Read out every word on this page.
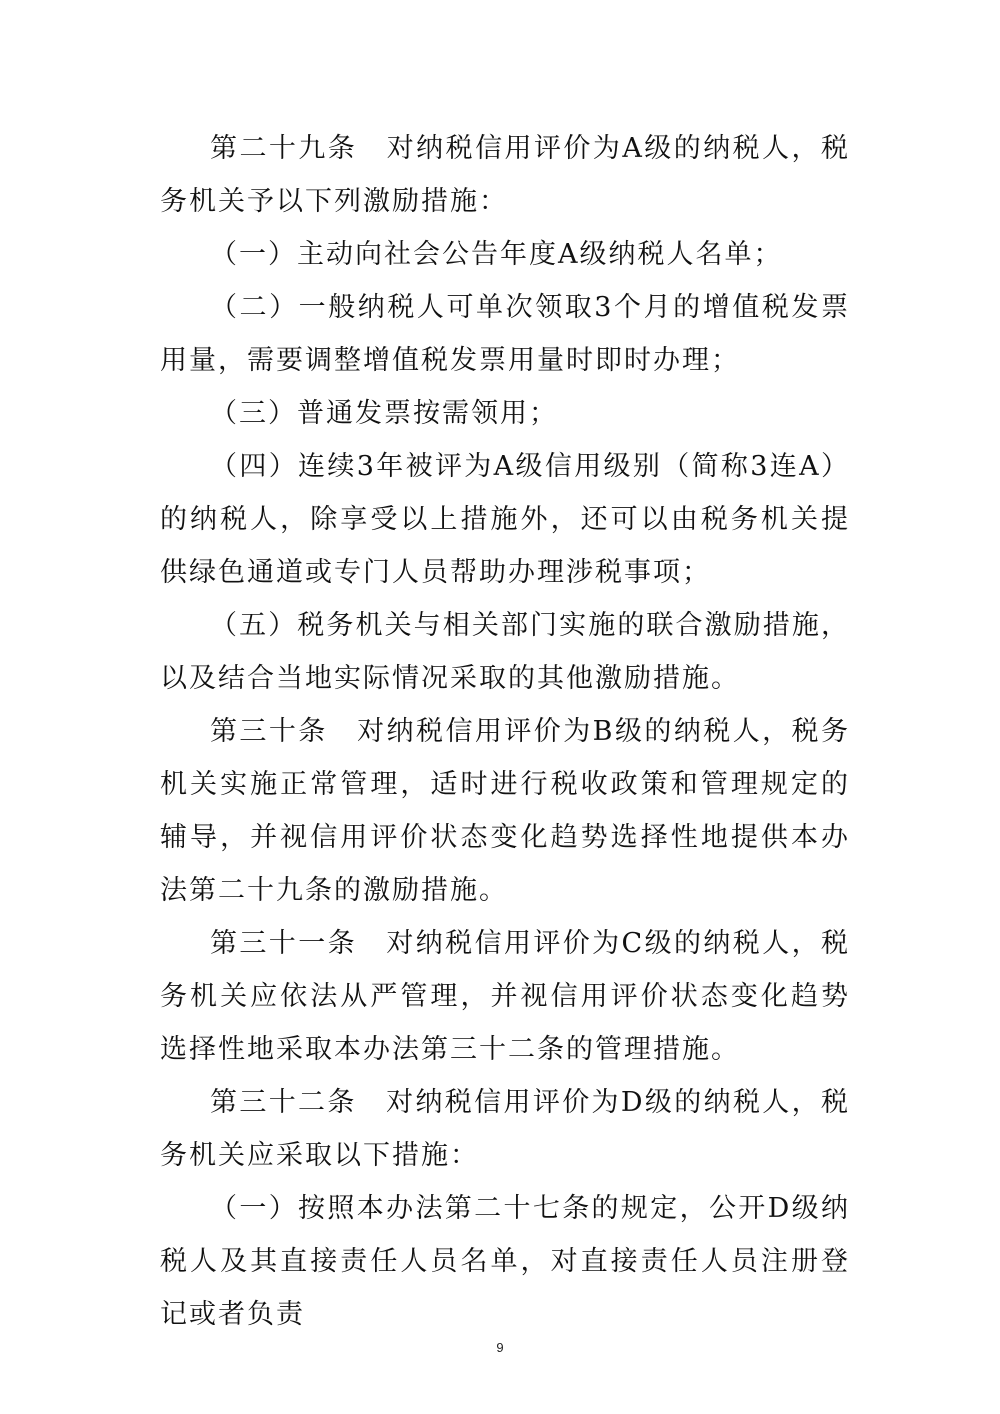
第二十九条　对纳税信用评价为A级的纳税人，税务机关予以下列激励措施：

（一）主动向社会公告年度A级纳税人名单；

（二）一般纳税人可单次领取3个月的增值税发票用量，需要调整增值税发票用量时即时办理；

（三）普通发票按需领用；

（四）连续3年被评为A级信用级别（简称3连A）的纳税人，除享受以上措施外，还可以由税务机关提供绿色通道或专门人员帮助办理涉税事项；

（五）税务机关与相关部门实施的联合激励措施，以及结合当地实际情况采取的其他激励措施。

第三十条　对纳税信用评价为B级的纳税人，税务机关实施正常管理，适时进行税收政策和管理规定的辅导，并视信用评价状态变化趋势选择性地提供本办法第二十九条的激励措施。

第三十一条　对纳税信用评价为C级的纳税人，税务机关应依法从严管理，并视信用评价状态变化趋势选择性地采取本办法第三十二条的管理措施。

第三十二条　对纳税信用评价为D级的纳税人，税务机关应采取以下措施：

（一）按照本办法第二十七条的规定，公开D级纳税人及其直接责任人员名单，对直接责任人员注册登记或者负责

9
